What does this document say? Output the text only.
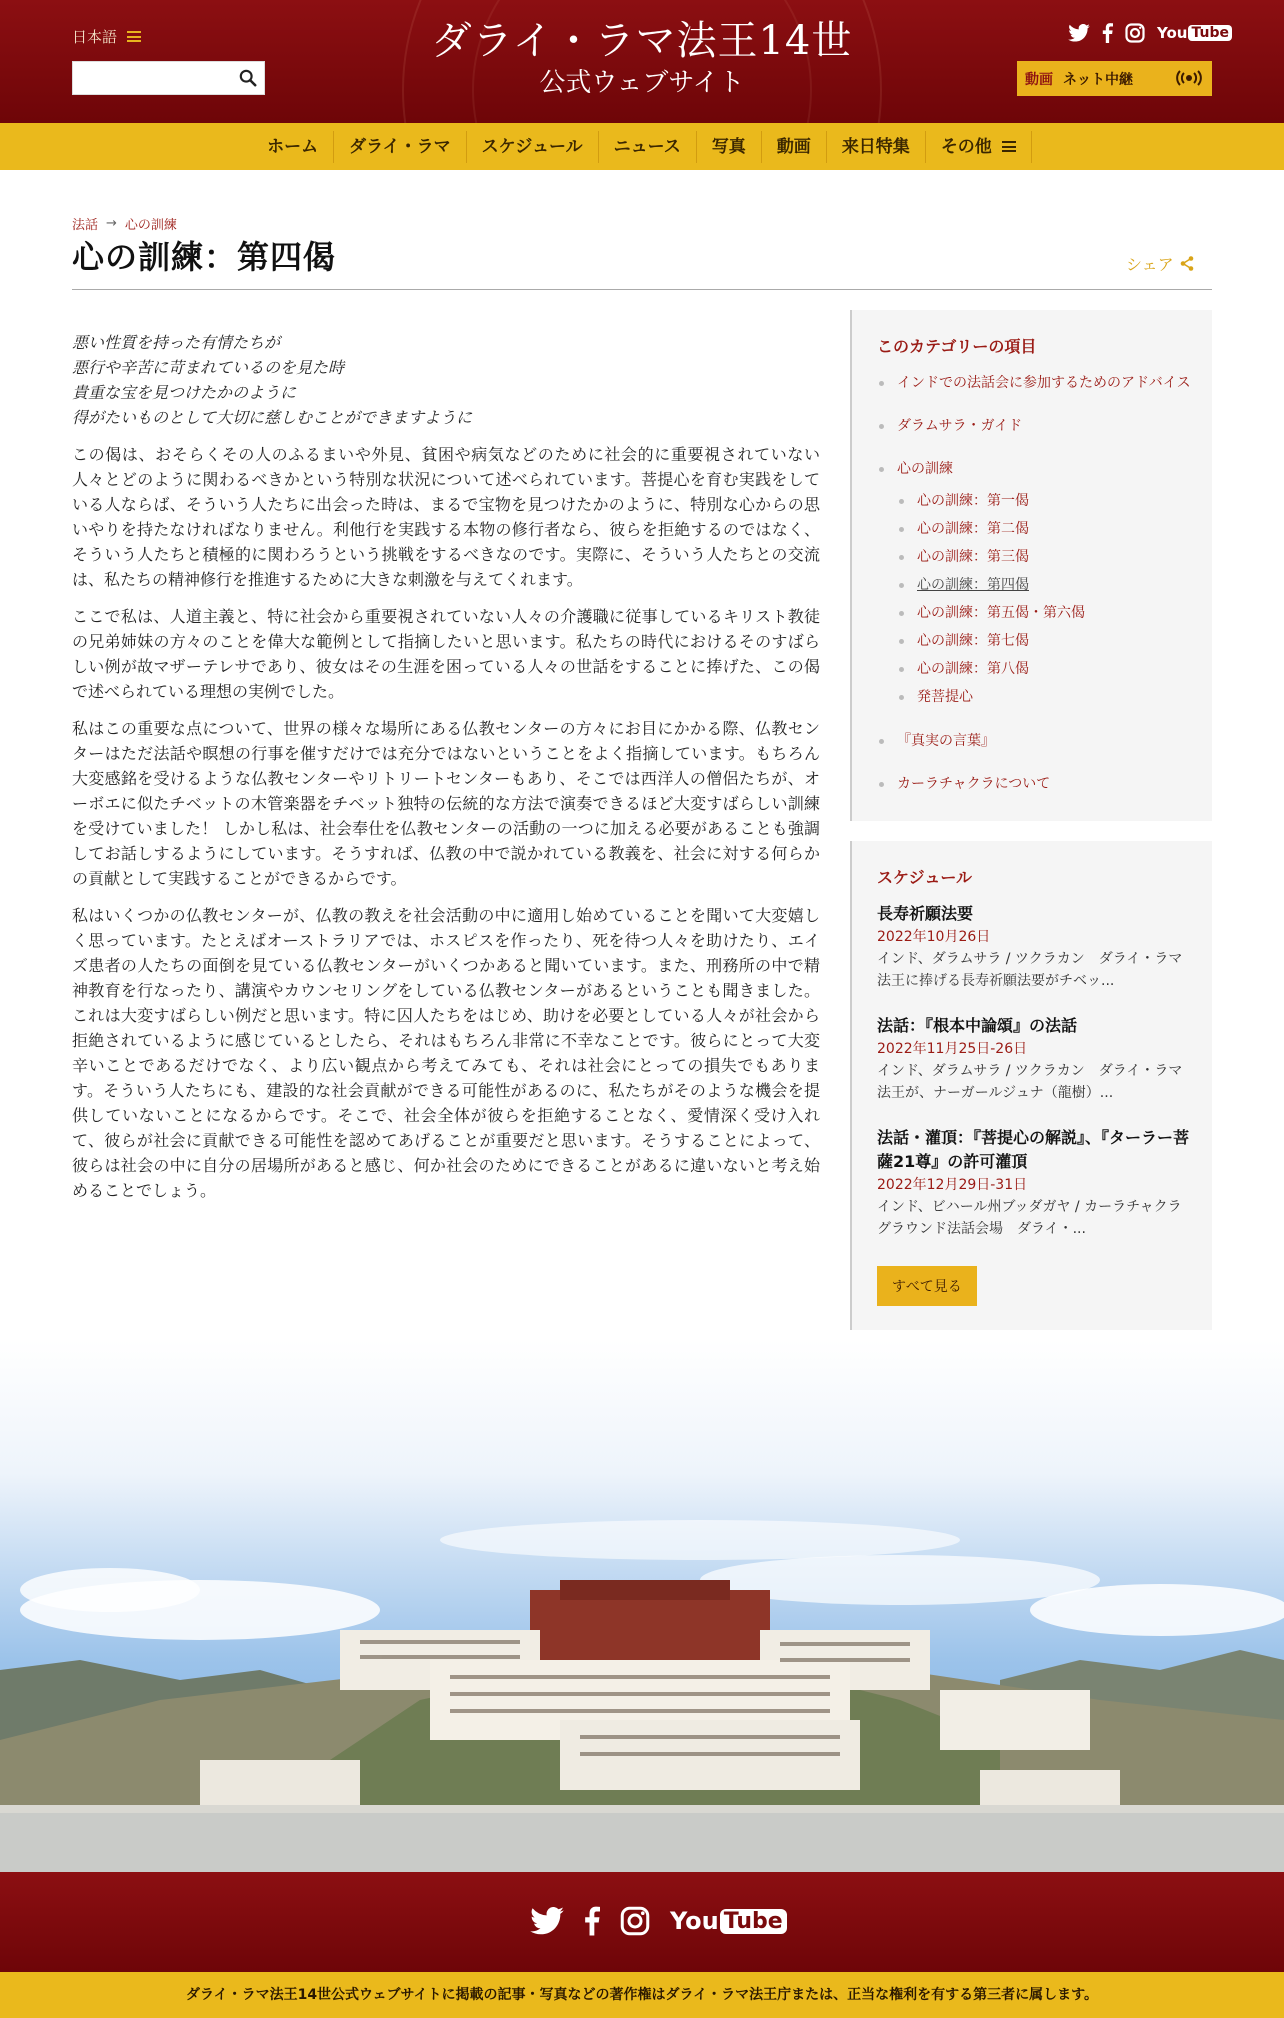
日本語	ダライ・ラマ法王14世
公式ウェブサイト
You Tube
動画 ネット中継
ホーム	ダライ・ラマ	スケジュール	ニュース	写真	動画	来日特集	その他
法話 → 心の訓練
心の訓練：第四偈	シェア
悪い性質を持った有情たちが
悪行や辛苦に苛まれているのを見た時
貴重な宝を見つけたかのように
得がたいものとして大切に慈しむことができますように

この偈は、おそらくその人のふるまいや外見、貧困や病気などのために社会的に重要視されていない人々とどのように関わるべきかという特別な状況について述べられています。菩提心を育む実践をしている人ならば、そういう人たちに出会った時は、まるで宝物を見つけたかのように、特別な心からの思いやりを持たなければなりません。利他行を実践する本物の修行者なら、彼らを拒絶するのではなく、そういう人たちと積極的に関わろうという挑戦をするべきなのです。実際に、そういう人たちとの交流は、私たちの精神修行を推進するために大きな刺激を与えてくれます。

ここで私は、人道主義と、特に社会から重要視されていない人々の介護職に従事しているキリスト教徒の兄弟姉妹の方々のことを偉大な範例として指摘したいと思います。私たちの時代におけるそのすばらしい例が故マザーテレサであり、彼女はその生涯を困っている人々の世話をすることに捧げた、この偈で述べられている理想の実例でした。

私はこの重要な点について、世界の様々な場所にある仏教センターの方々にお目にかかる際、仏教センターはただ法話や瞑想の行事を催すだけでは充分ではないということをよく指摘しています。もちろん大変感銘を受けるような仏教センターやリトリートセンターもあり、そこでは西洋人の僧侶たちが、オーボエに似たチベットの木管楽器をチベット独特の伝統的な方法で演奏できるほど大変すばらしい訓練を受けていました！ しかし私は、社会奉仕を仏教センターの活動の一つに加える必要があることも強調してお話しするようにしています。そうすれば、仏教の中で説かれている教義を、社会に対する何らかの貢献として実践することができるからです。

私はいくつかの仏教センターが、仏教の教えを社会活動の中に適用し始めていることを聞いて大変嬉しく思っています。たとえばオーストラリアでは、ホスピスを作ったり、死を待つ人々を助けたり、エイズ患者の人たちの面倒を見ている仏教センターがいくつかあると聞いています。また、刑務所の中で精神教育を行なったり、講演やカウンセリングをしている仏教センターがあるということも聞きました。これは大変すばらしい例だと思います。特に囚人たちをはじめ、助けを必要としている人々が社会から拒絶されているように感じているとしたら、それはもちろん非常に不幸なことです。彼らにとって大変辛いことであるだけでなく、より広い観点から考えてみても、それは社会にとっての損失でもあります。そういう人たちにも、建設的な社会貢献ができる可能性があるのに、私たちがそのような機会を提供していないことになるからです。そこで、社会全体が彼らを拒絶することなく、愛情深く受け入れて、彼らが社会に貢献できる可能性を認めてあげることが重要だと思います。そうすることによって、彼らは社会の中に自分の居場所があると感じ、何か社会のためにできることがあるに違いないと考え始めることでしょう。

このカテゴリーの項目
インドでの法話会に参加するためのアドバイス
ダラムサラ・ガイド
心の訓練
心の訓練：第一偈
心の訓練：第二偈
心の訓練：第三偈
心の訓練：第四偈
心の訓練：第五偈・第六偈
心の訓練：第七偈
心の訓練：第八偈
発菩提心
『真実の言葉』
カーラチャクラについて
スケジュール
長寿祈願法要
2022年10月26日
インド、ダラムサラ / ツクラカン　ダライ・ラマ法王に捧げる長寿祈願法要がチベッ...
法話：『根本中論頌』の法話
2022年11月25日-26日
インド、ダラムサラ / ツクラカン　ダライ・ラマ法王が、ナーガールジュナ（龍樹）...
法話・灌頂：『菩提心の解説』、『ターラー菩薩21尊』の許可灌頂
2022年12月29日-31日
インド、ビハール州ブッダガヤ / カーラチャクラグラウンド法話会場　ダライ・...
すべて見る
You Tube
ダライ・ラマ法王14世公式ウェブサイトに掲載の記事・写真などの著作権はダライ・ラマ法王庁または、正当な権利を有する第三者に属します。
